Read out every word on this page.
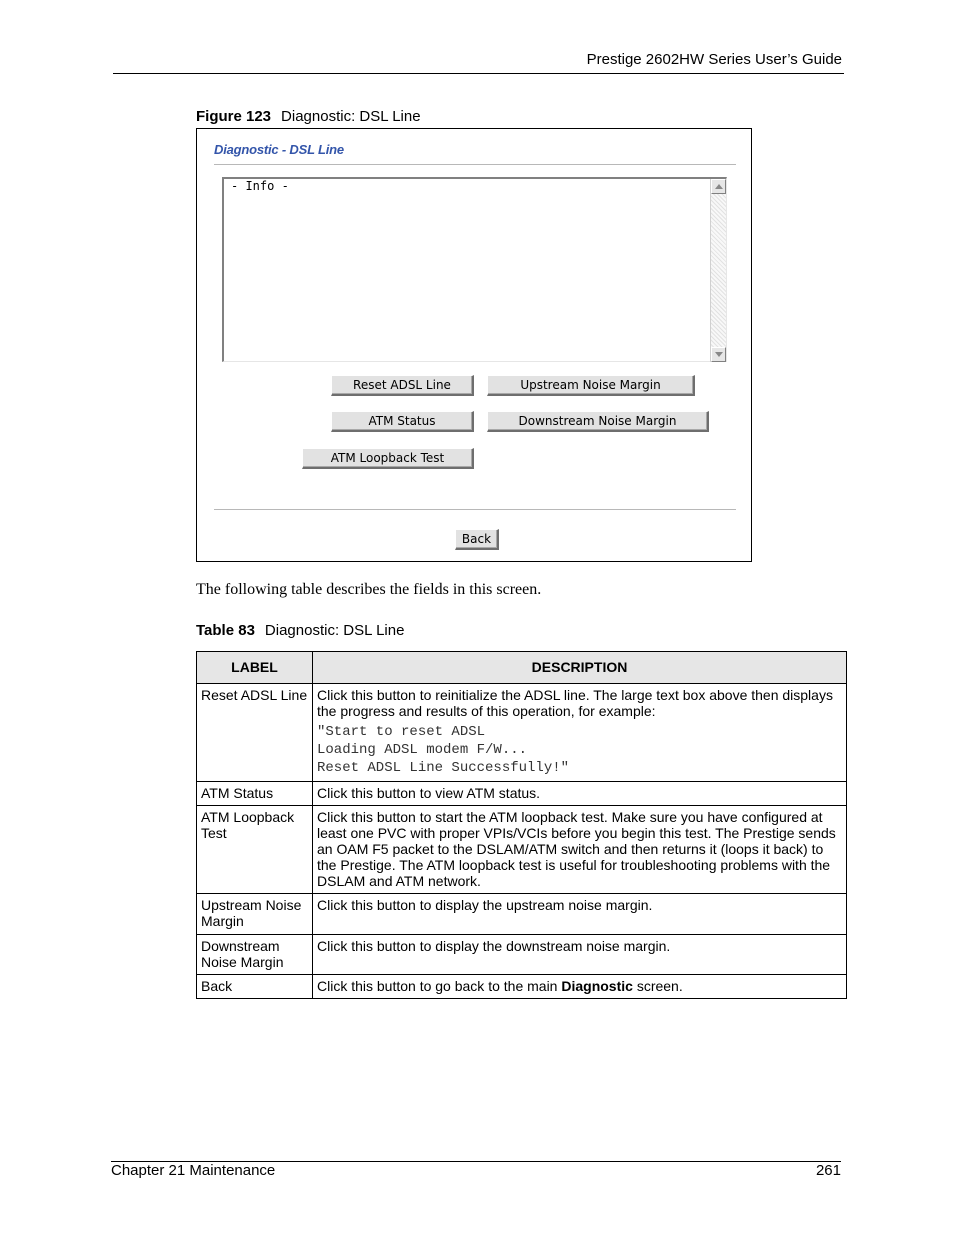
Prestige 2602HW Series User’s Guide
Figure 123 Diagnostic: DSL Line
Diagnostic - DSL Line
- Info -
Reset ADSL Line	Upstream Noise Margin
ATM Status	Downstream Noise Margin
ATM Loopback Test
Back
The following table describes the fields in this screen.
Table 83 Diagnostic: DSL Line
LABEL	DESCRIPTION
Reset ADSL Line	Click this button to reinitialize the ADSL line. The large text box above then displays the progress and results of this operation, for example:
"Start to reset ADSL
Loading ADSL modem F/W...
Reset ADSL Line Successfully!"

ATM Status	Click this button to view ATM status.
ATM Loopback Test	Click this button to start the ATM loopback test. Make sure you have configured at least one PVC with proper VPIs/VCIs before you begin this test. The Prestige sends an OAM F5 packet to the DSLAM/ATM switch and then returns it (loops it back) to the Prestige. The ATM loopback test is useful for troubleshooting problems with the DSLAM and ATM network.
Upstream Noise Margin	Click this button to display the upstream noise margin.
Downstream Noise Margin	Click this button to display the downstream noise margin.
Back	Click this button to go back to the main Diagnostic screen.
Chapter 21 Maintenance	261
